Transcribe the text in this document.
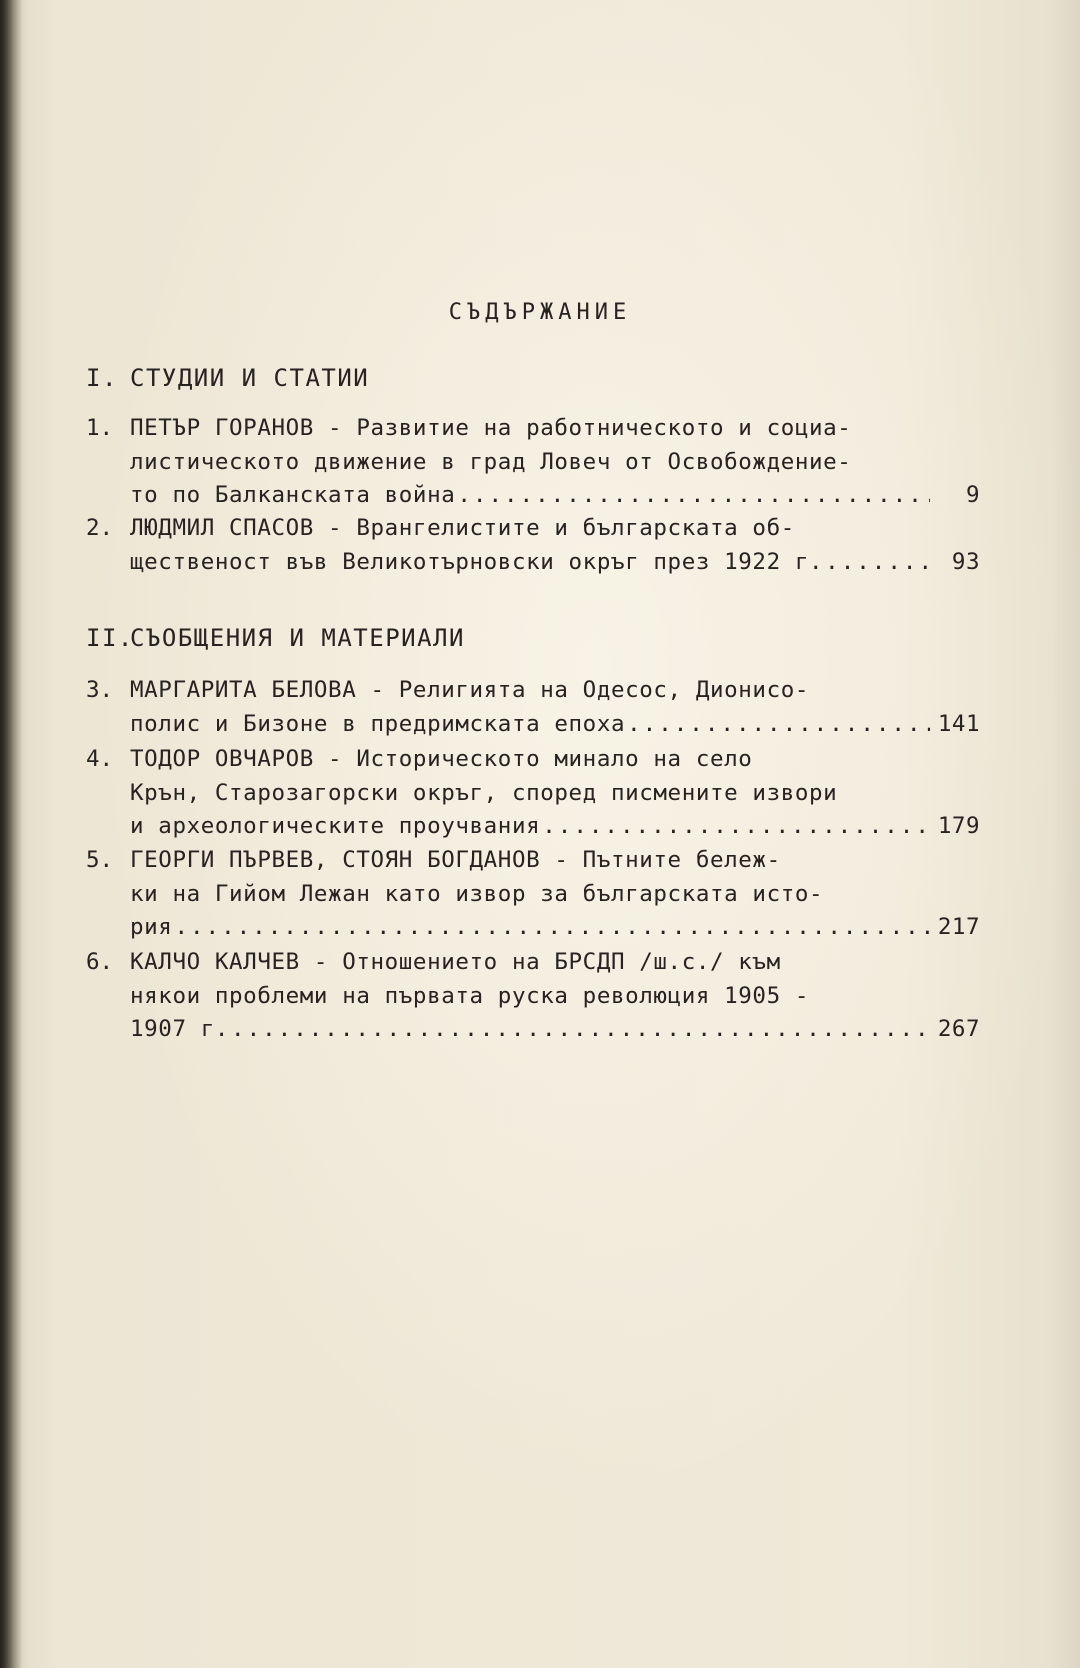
СЪДЪРЖАНИЕ
I. СТУДИИ И СТАТИИ
1. ПЕТЪР ГОРАНОВ - Развитие на работническото и социа-
листическото движение в град Ловеч от Освобождение-
то по Балканската война .....	9
2. ЛЮДМИЛ СПАСОВ - Врангелистите и българската об-
щественост във Великотърновски окръг през 1922 г. .....	93
II.СЪОБЩЕНИЯ И МАТЕРИАЛИ
3. МАРГАРИТА БЕЛОВА - Религията на Одесос, Дионисо-
полис и Бизоне в предримската епоха .....	141
4. ТОДОР ОВЧАРОВ - Историческото минало на село
Крън, Старозагорски окръг, според писмените извори
и археологическите проучвания .....	179
5. ГЕОРГИ ПЪРВЕВ, СТОЯН БОГДАНОВ - Пътните бележ-
ки на Гийом Лежан като извор за българската исто-
рия .....	217
6. КАЛЧО КАЛЧЕВ - Отношението на БРСДП /ш.с./ към
някои проблеми на първата руска революция 1905 -
1907 г. .....	267
